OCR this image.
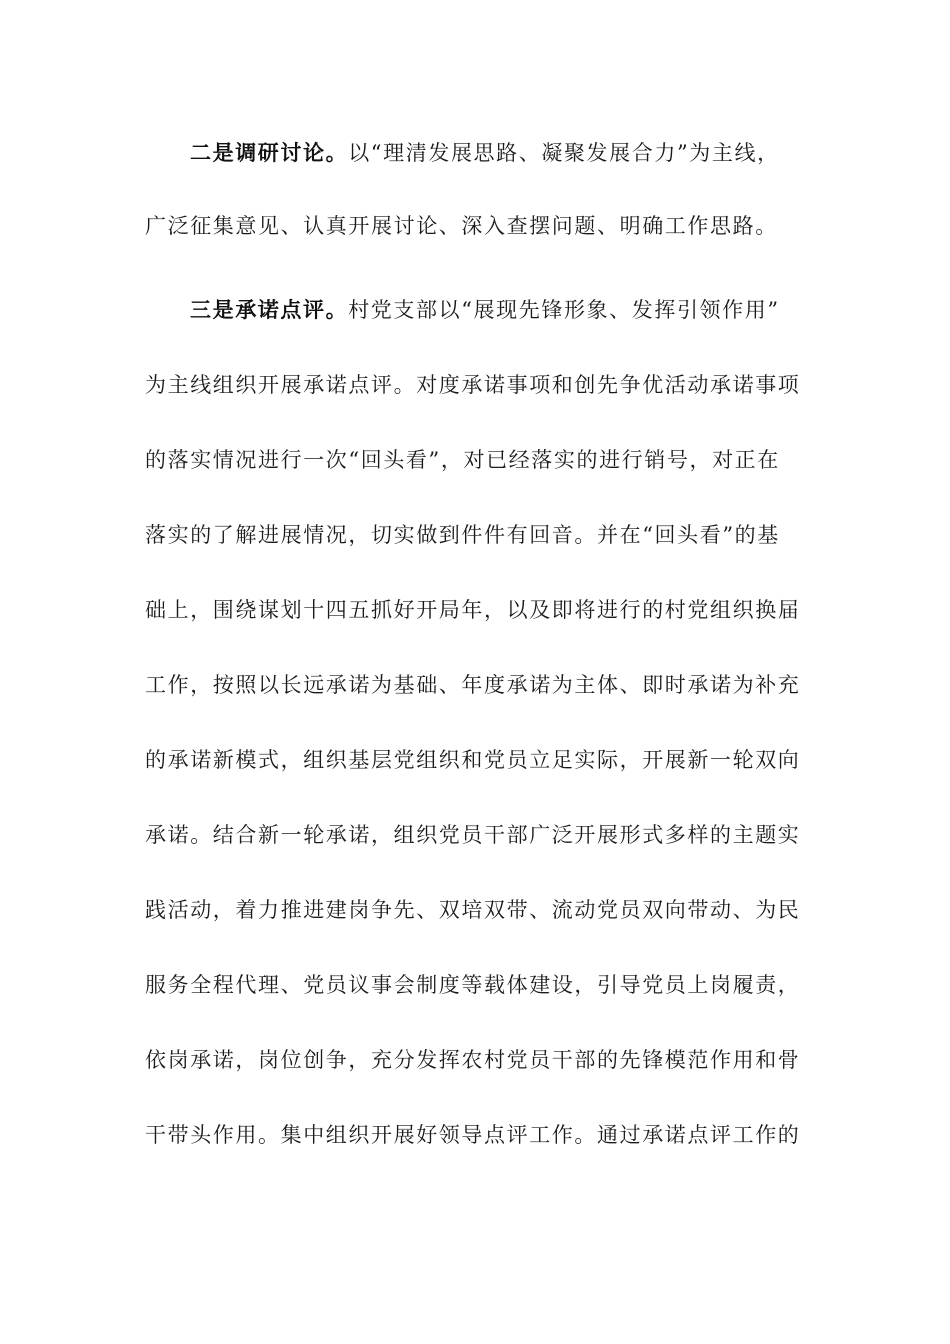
二是调研讨论。以“理清发展思路、凝聚发展合力”为主线，
广泛征集意见、认真开展讨论、深入查摆问题、明确工作思路。
三是承诺点评。村党支部以“展现先锋形象、发挥引领作用”
为主线组织开展承诺点评。对度承诺事项和创先争优活动承诺事项
的落实情况进行一次“回头看”，对已经落实的进行销号，对正在
落实的了解进展情况，切实做到件件有回音。并在“回头看”的基
础上，围绕谋划十四五抓好开局年，以及即将进行的村党组织换届
工作，按照以长远承诺为基础、年度承诺为主体、即时承诺为补充
的承诺新模式，组织基层党组织和党员立足实际，开展新一轮双向
承诺。结合新一轮承诺，组织党员干部广泛开展形式多样的主题实
践活动，着力推进建岗争先、双培双带、流动党员双向带动、为民
服务全程代理、党员议事会制度等载体建设，引导党员上岗履责，
依岗承诺，岗位创争，充分发挥农村党员干部的先锋模范作用和骨
干带头作用。集中组织开展好领导点评工作。通过承诺点评工作的
